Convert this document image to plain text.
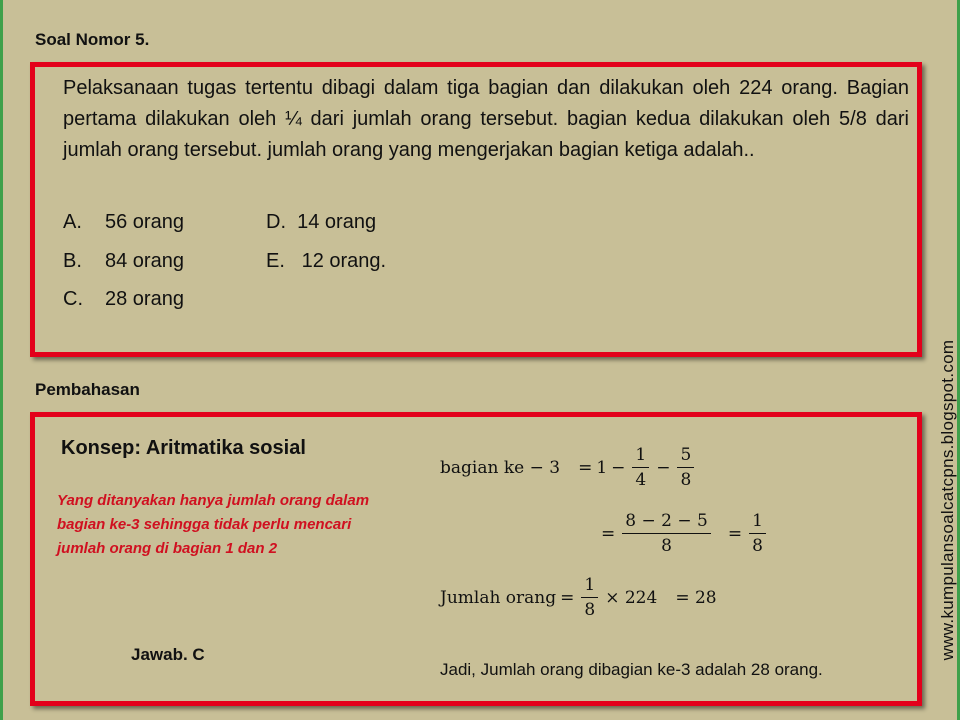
Soal Nomor 5.
Pelaksanaan tugas tertentu dibagi dalam tiga bagian dan dilakukan oleh 224 orang. Bagian pertama dilakukan oleh ¼ dari jumlah orang tersebut. bagian kedua dilakukan oleh 5/8 dari jumlah orang tersebut. jumlah orang yang mengerjakan bagian ketiga adalah..
A. 56 orang
B. 84 orang
C. 28 orang
D. 14 orang
E. 12 orang.
Pembahasan
Konsep: Aritmatika sosial
Yang ditanyakan hanya jumlah orang dalam bagian ke-3 sehingga tidak perlu mencari jumlah orang di bagian 1 dan 2
Jawab. C
bagian ke − $3 = 1 - \frac{1}{4} - \frac{5}{8}$
= $\frac{8 - 2 - 5}{8} = \frac{1}{8}$
Jumlah orang = $\frac{1}{8} \times 224 = 28$
Jadi, Jumlah orang dibagian ke-3 adalah 28 orang.
www.kumpulansoalcatcpns.blogspot.com
